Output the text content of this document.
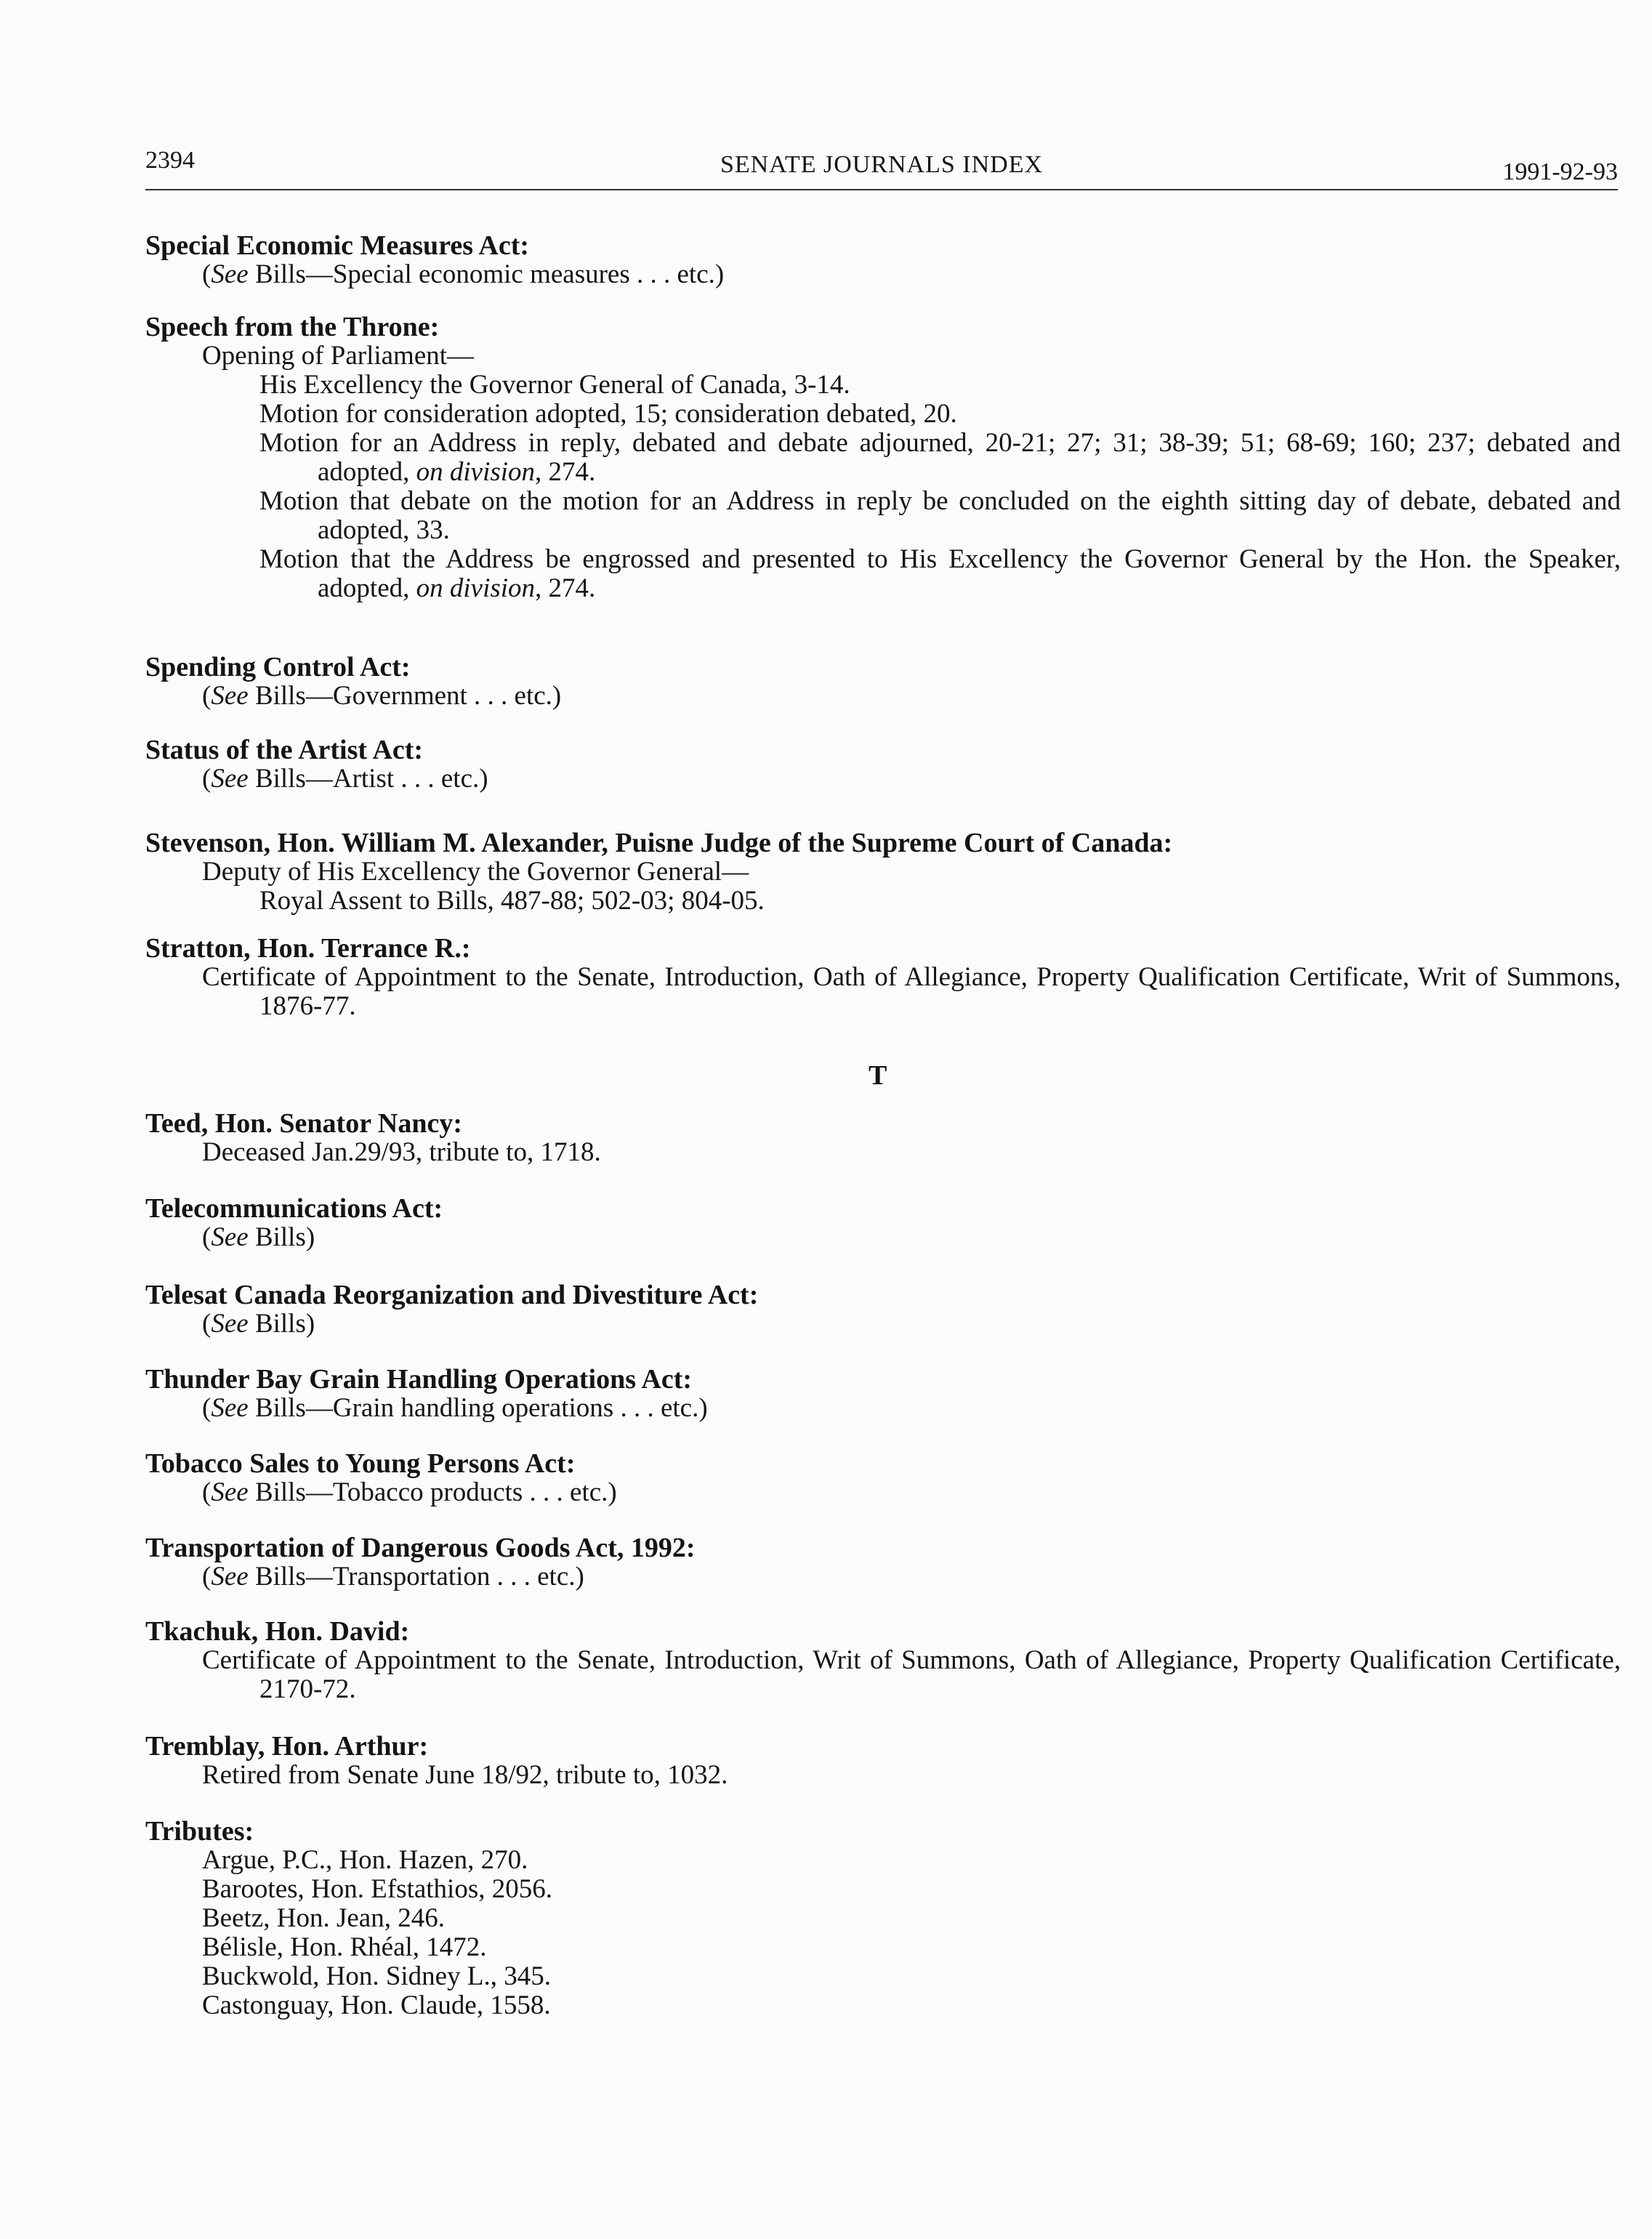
2394	SENATE JOURNALS INDEX	1991-92-93
Special Economic Measures Act:
(See Bills—Special economic measures . . . etc.)
Speech from the Throne:
Opening of Parliament—
His Excellency the Governor General of Canada, 3-14.
Motion for consideration adopted, 15; consideration debated, 20.
Motion for an Address in reply, debated and debate adjourned, 20-21; 27; 31; 38-39; 51; 68-69; 160; 237; debated and adopted, on division, 274.
Motion that debate on the motion for an Address in reply be concluded on the eighth sitting day of debate, debated and adopted, 33.
Motion that the Address be engrossed and presented to His Excellency the Governor General by the Hon. the Speaker, adopted, on division, 274.
Spending Control Act:
(See Bills—Government . . . etc.)
Status of the Artist Act:
(See Bills—Artist . . . etc.)
Stevenson, Hon. William M. Alexander, Puisne Judge of the Supreme Court of Canada:
Deputy of His Excellency the Governor General—
Royal Assent to Bills, 487-88; 502-03; 804-05.
Stratton, Hon. Terrance R.:
Certificate of Appointment to the Senate, Introduction, Oath of Allegiance, Property Qualification Certificate, Writ of Summons, 1876-77.
T
Teed, Hon. Senator Nancy:
Deceased Jan.29/93, tribute to, 1718.
Telecommunications Act:
(See Bills)
Telesat Canada Reorganization and Divestiture Act:
(See Bills)
Thunder Bay Grain Handling Operations Act:
(See Bills—Grain handling operations . . . etc.)
Tobacco Sales to Young Persons Act:
(See Bills—Tobacco products . . . etc.)
Transportation of Dangerous Goods Act, 1992:
(See Bills—Transportation . . . etc.)
Tkachuk, Hon. David:
Certificate of Appointment to the Senate, Introduction, Writ of Summons, Oath of Allegiance, Property Qualification Certificate, 2170-72.
Tremblay, Hon. Arthur:
Retired from Senate June 18/92, tribute to, 1032.
Tributes:
Argue, P.C., Hon. Hazen, 270.
Barootes, Hon. Efstathios, 2056.
Beetz, Hon. Jean, 246.
Bélisle, Hon. Rhéal, 1472.
Buckwold, Hon. Sidney L., 345.
Castonguay, Hon. Claude, 1558.
